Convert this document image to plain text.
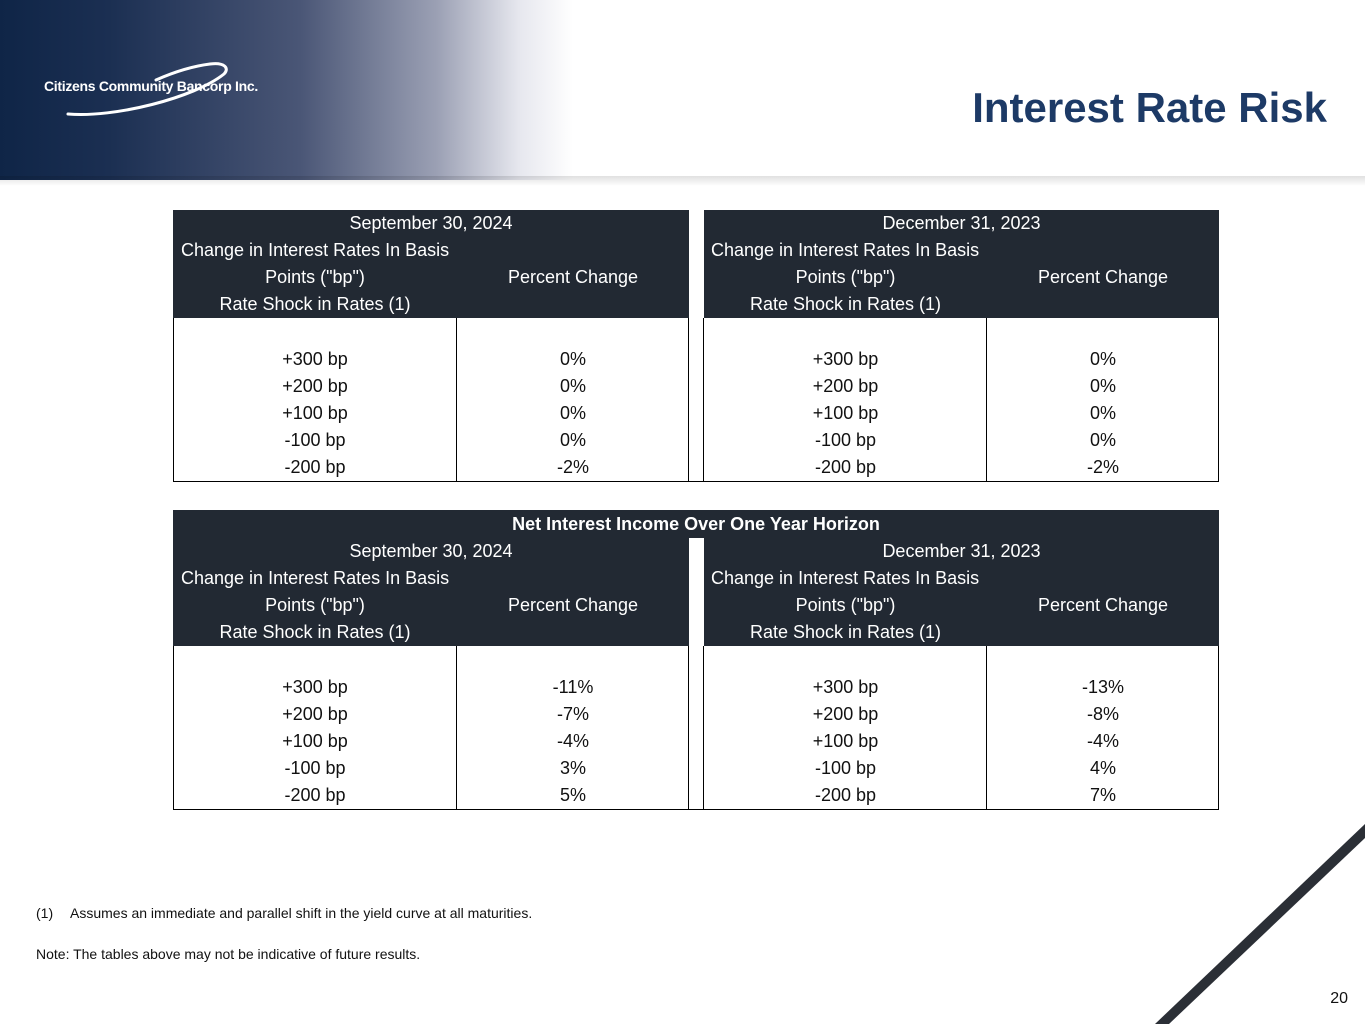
Citizens Community Bancorp Inc.	Interest Rate Risk
September 30, 2024
Change in Interest Rates In Basis
Points ("bp")
Rate Shock in Rates (1)
Percent Change
December 31, 2023
Change in Interest Rates In Basis
Points ("bp")
Rate Shock in Rates (1)
Percent Change
+300 bp	0%	+300 bp	0%
+200 bp	0%	+200 bp	0%
+100 bp	0%	+100 bp	0%
-100 bp	0%	-100 bp	0%
-200 bp	-2%	-200 bp	-2%
Net Interest Income Over One Year Horizon
September 30, 2024
Change in Interest Rates In Basis
Points ("bp")
Rate Shock in Rates (1)
Percent Change
December 31, 2023
Change in Interest Rates In Basis
Points ("bp")
Rate Shock in Rates (1)
Percent Change
+300 bp	-11%	+300 bp	-13%
+200 bp	-7%	+200 bp	-8%
+100 bp	-4%	+100 bp	-4%
-100 bp	3%	-100 bp	4%
-200 bp	5%	-200 bp	7%
(1) Assumes an immediate and parallel shift in the yield curve at all maturities.
Note: The tables above may not be indicative of future results.
20
